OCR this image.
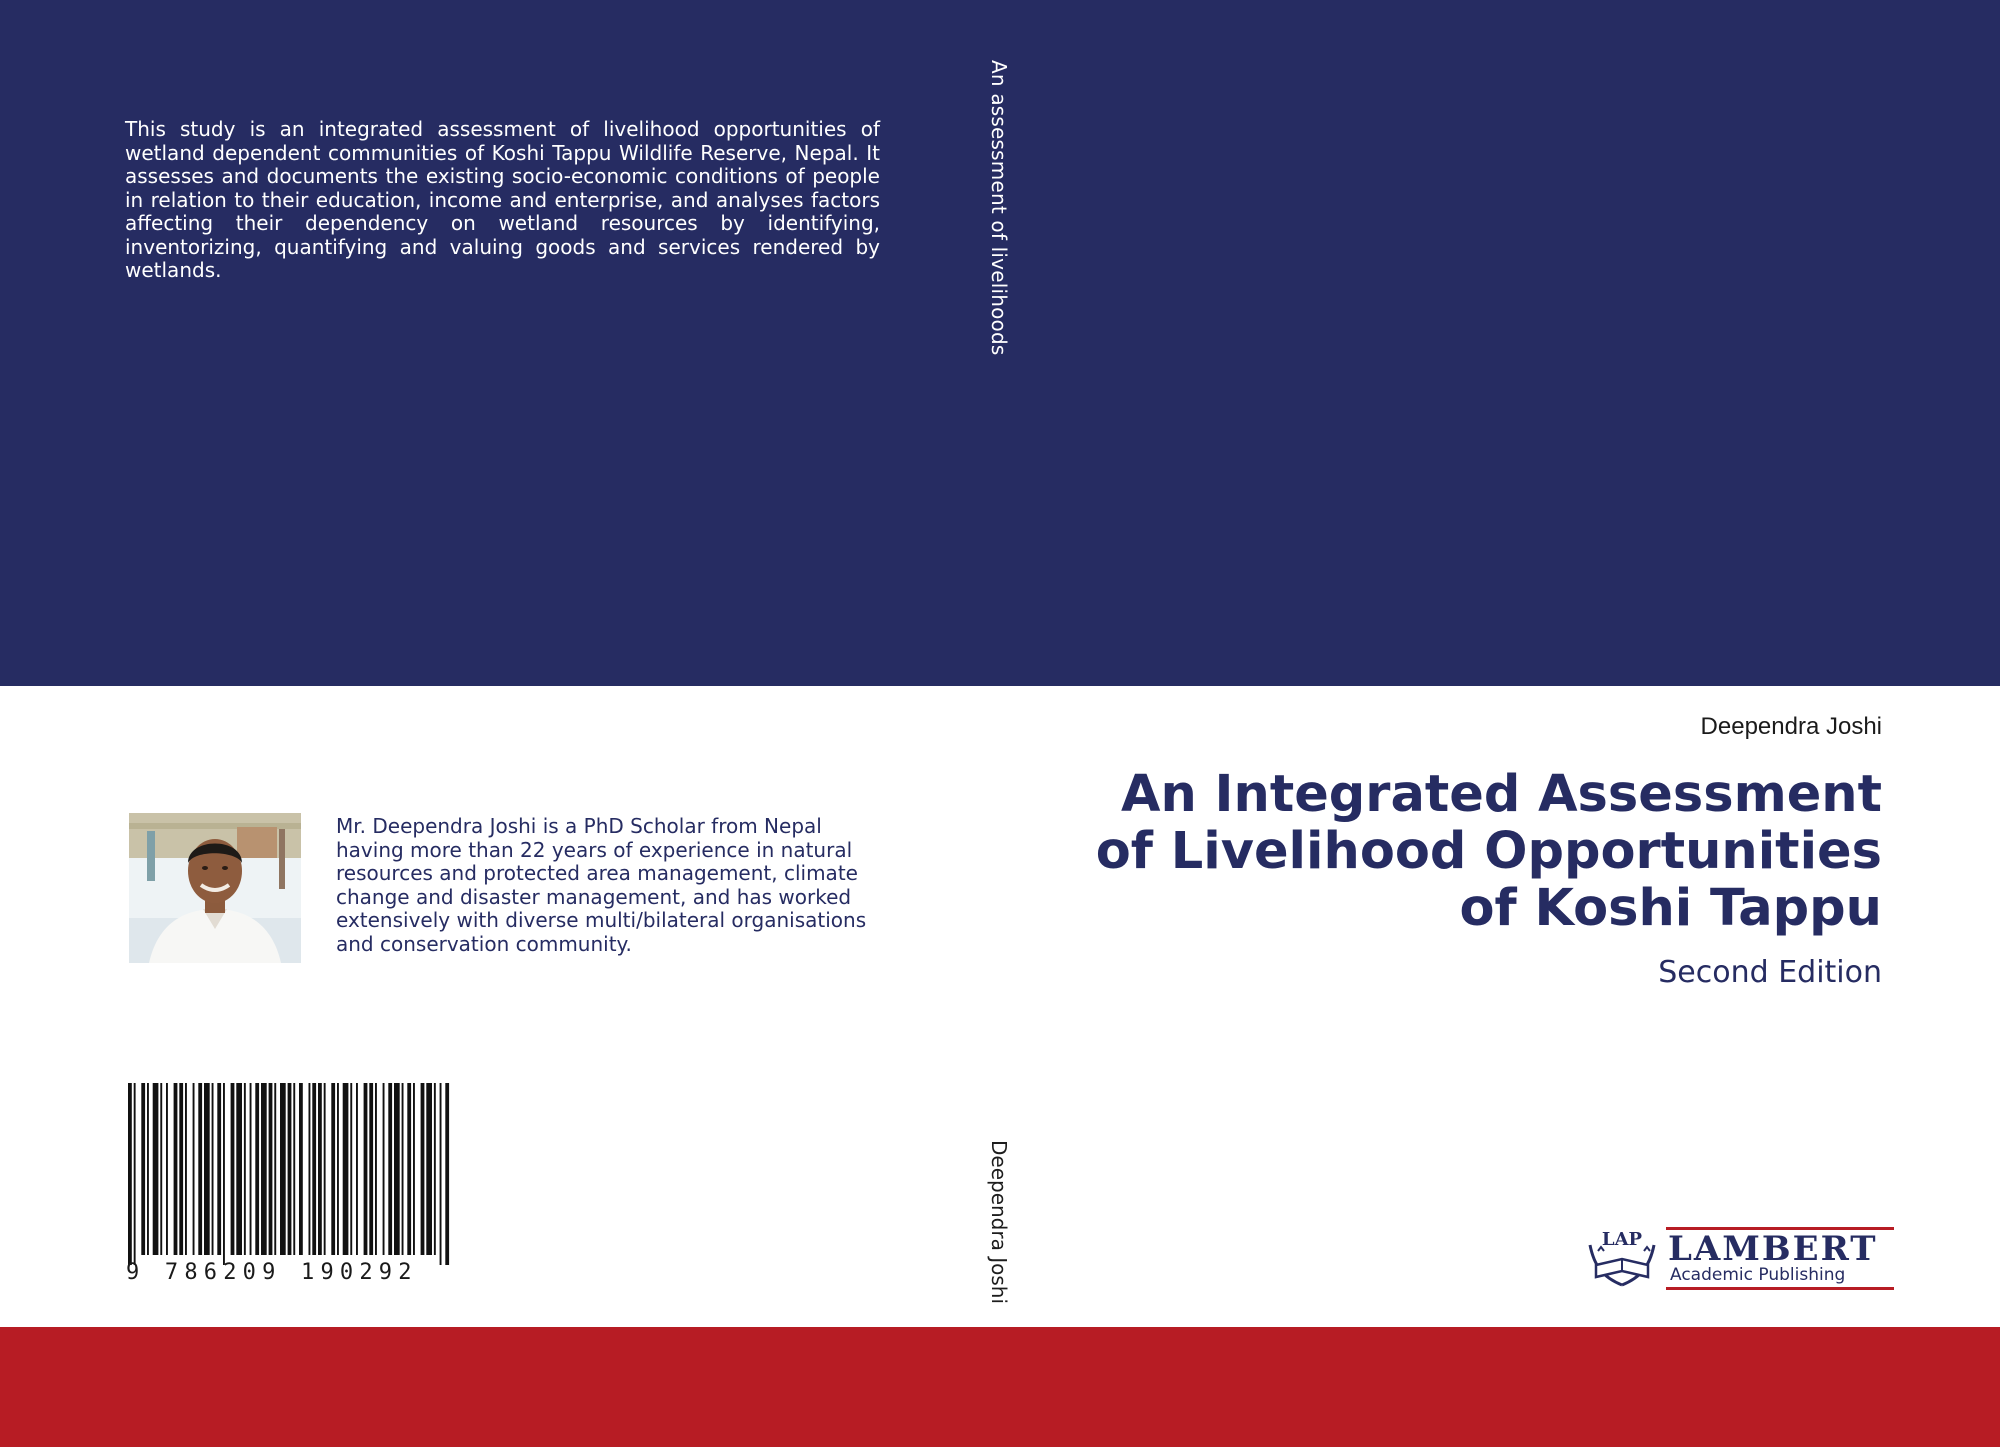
This study is an integrated assessment of livelihood opportunities of wetland dependent communities of Koshi Tappu Wildlife Reserve, Nepal. It assesses and documents the existing socio-economic conditions of people in relation to their education, income and enterprise, and analyses factors affecting their dependency on wetland resources by identifying, inventorizing, quantifying and valuing goods and services rendered by wetlands.	An assessment of livelihoods
Deependra Joshi
Deependra Joshi
An Integrated Assessment
of Livelihood Opportunities
of Koshi Tappu
Second Edition
Mr. Deependra Joshi is a PhD Scholar from Nepal having more than 22 years of experience in natural resources and protected area management, climate change and disaster management, and has worked extensively with diverse multi/bilateral organisations and conservation community.
9 786209 190292
LAP LAMBERT
Academic Publishing
